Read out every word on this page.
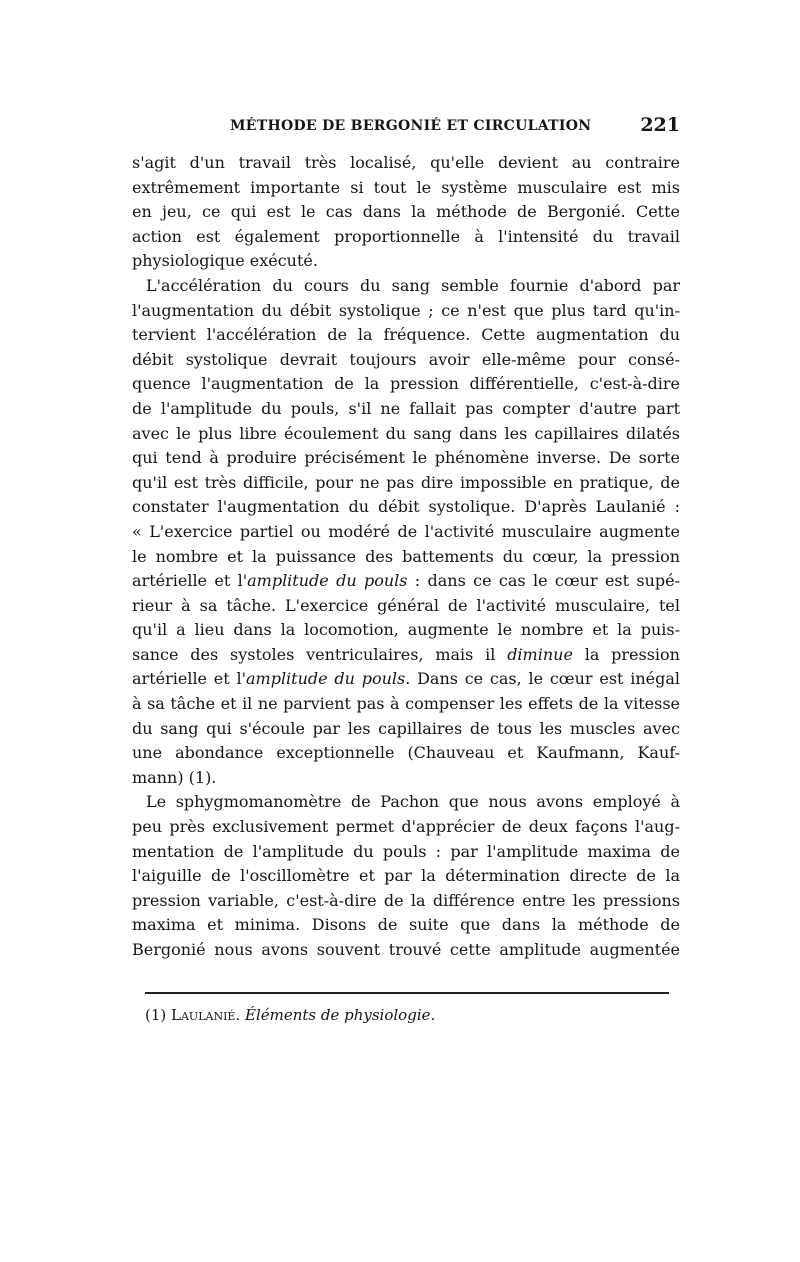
MÉTHODE DE BERGONIÉ ET CIRCULATION	221
s'agit d'un travail très localisé, qu'elle devient au contraire
extrêmement importante si tout le système musculaire est mis
en jeu, ce qui est le cas dans la méthode de Bergonié. Cette
action est également proportionnelle à l'intensité du travail
physiologique exécuté.
L'accélération du cours du sang semble fournie d'abord par
l'augmentation du débit systolique ; ce n'est que plus tard qu'in-
tervient l'accélération de la fréquence. Cette augmentation du
débit systolique devrait toujours avoir elle-même pour consé-
quence l'augmentation de la pression différentielle, c'est-à-dire
de l'amplitude du pouls, s'il ne fallait pas compter d'autre part
avec le plus libre écoulement du sang dans les capillaires dilatés
qui tend à produire précisément le phénomène inverse. De sorte
qu'il est très difficile, pour ne pas dire impossible en pratique, de
constater l'augmentation du débit systolique. D'après Laulanié :
« L'exercice partiel ou modéré de l'activité musculaire augmente
le nombre et la puissance des battements du cœur, la pression
artérielle et l'amplitude du pouls : dans ce cas le cœur est supé-
rieur à sa tâche. L'exercice général de l'activité musculaire, tel
qu'il a lieu dans la locomotion, augmente le nombre et la puis-
sance des systoles ventriculaires, mais il diminue la pression
artérielle et l'amplitude du pouls. Dans ce cas, le cœur est inégal
à sa tâche et il ne parvient pas à compenser les effets de la vitesse
du sang qui s'écoule par les capillaires de tous les muscles avec
une abondance exceptionnelle (Chauveau et Kaufmann, Kauf-
mann) (1).
Le sphygmomanomètre de Pachon que nous avons employé à
peu près exclusivement permet d'apprécier de deux façons l'aug-
mentation de l'amplitude du pouls : par l'amplitude maxima de
l'aiguille de l'oscillomètre et par la détermination directe de la
pression variable, c'est-à-dire de la différence entre les pressions
maxima et minima. Disons de suite que dans la méthode de
Bergonié nous avons souvent trouvé cette amplitude augmentée
(1) Laulanié. Éléments de physiologie.
